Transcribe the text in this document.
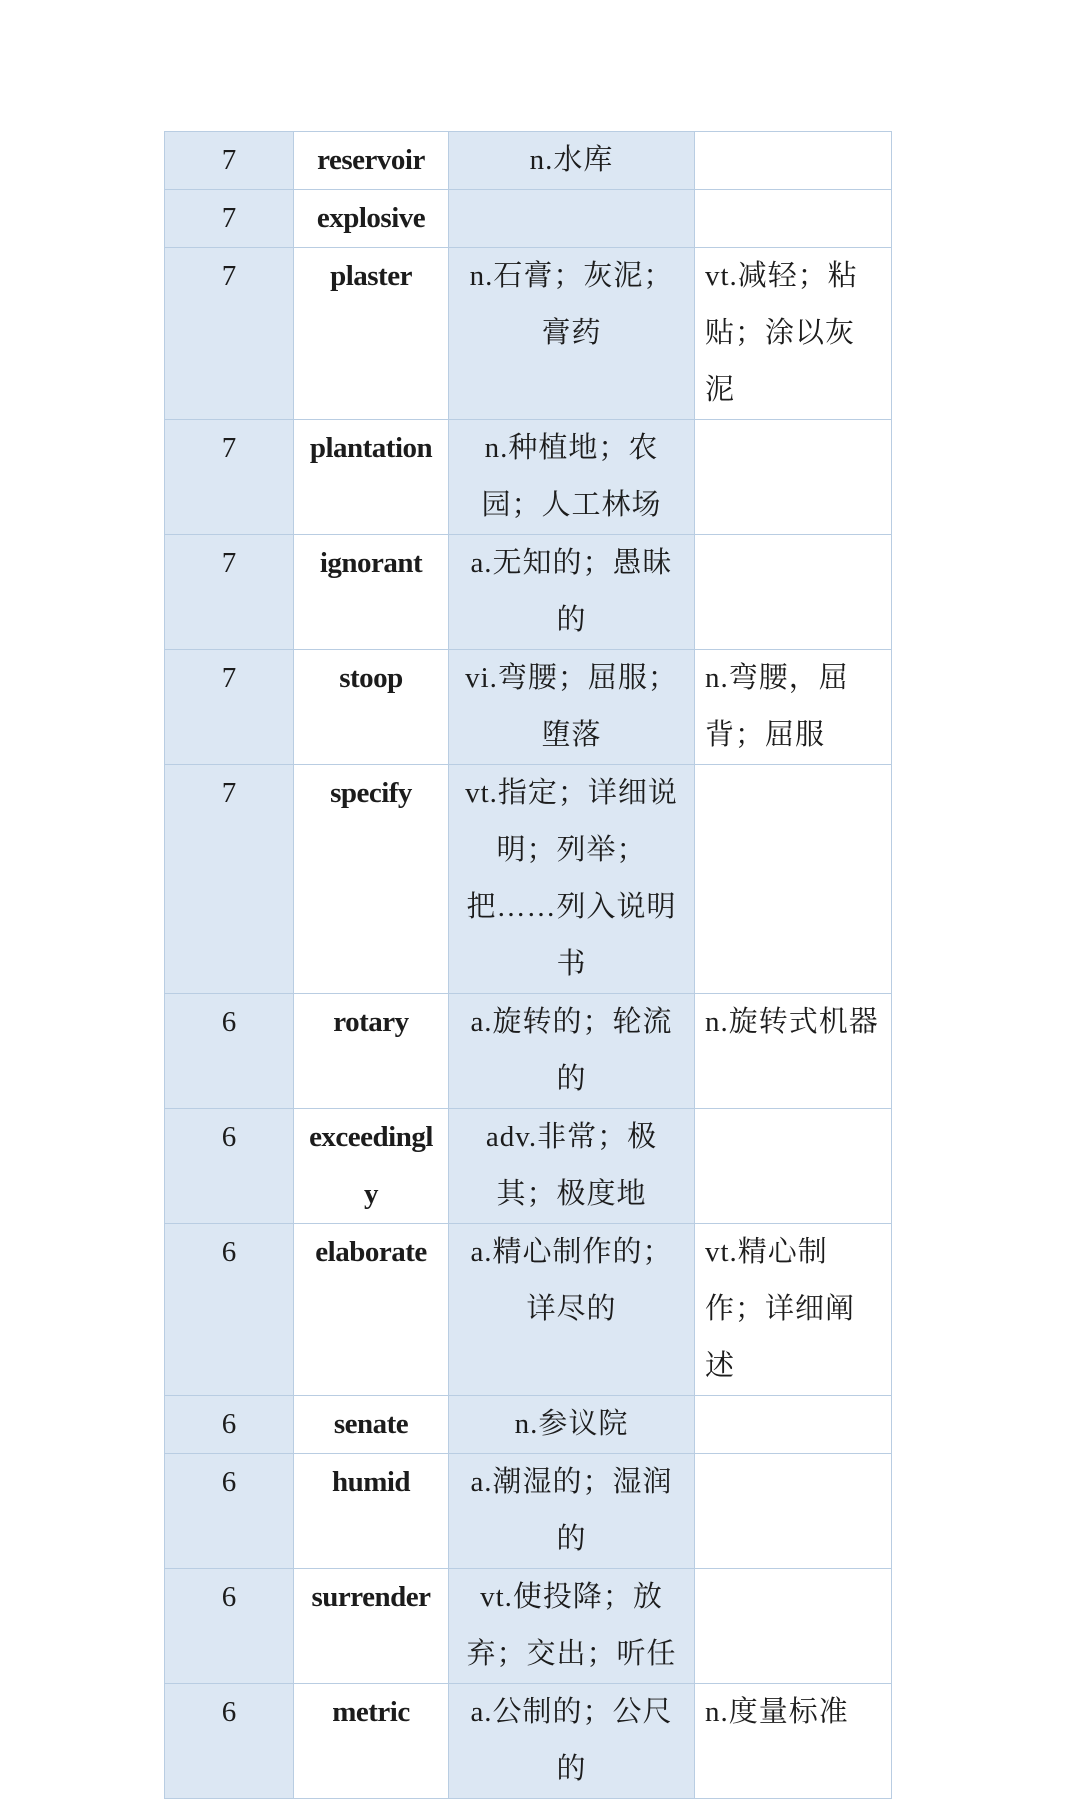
7	reservoir	n.水库	
7	explosive		
7	plaster	n.石膏；灰泥；膏药	vt.减轻；粘贴；涂以灰泥
7	plantation	n.种植地；农园；人工林场	
7	ignorant	a.无知的；愚昧的	
7	stoop	vi.弯腰；屈服；堕落	n.弯腰，屈背；屈服
7	specify	vt.指定；详细说明；列举；把……列入说明书	
6	rotary	a.旋转的；轮流的	n.旋转式机器
6	exceedingly	adv.非常；极其；极度地	
6	elaborate	a.精心制作的；详尽的	vt.精心制作；详细阐述
6	senate	n.参议院	
6	humid	a.潮湿的；湿润的	
6	surrender	vt.使投降；放弃；交出；听任	
6	metric	a.公制的；公尺的	n.度量标准
